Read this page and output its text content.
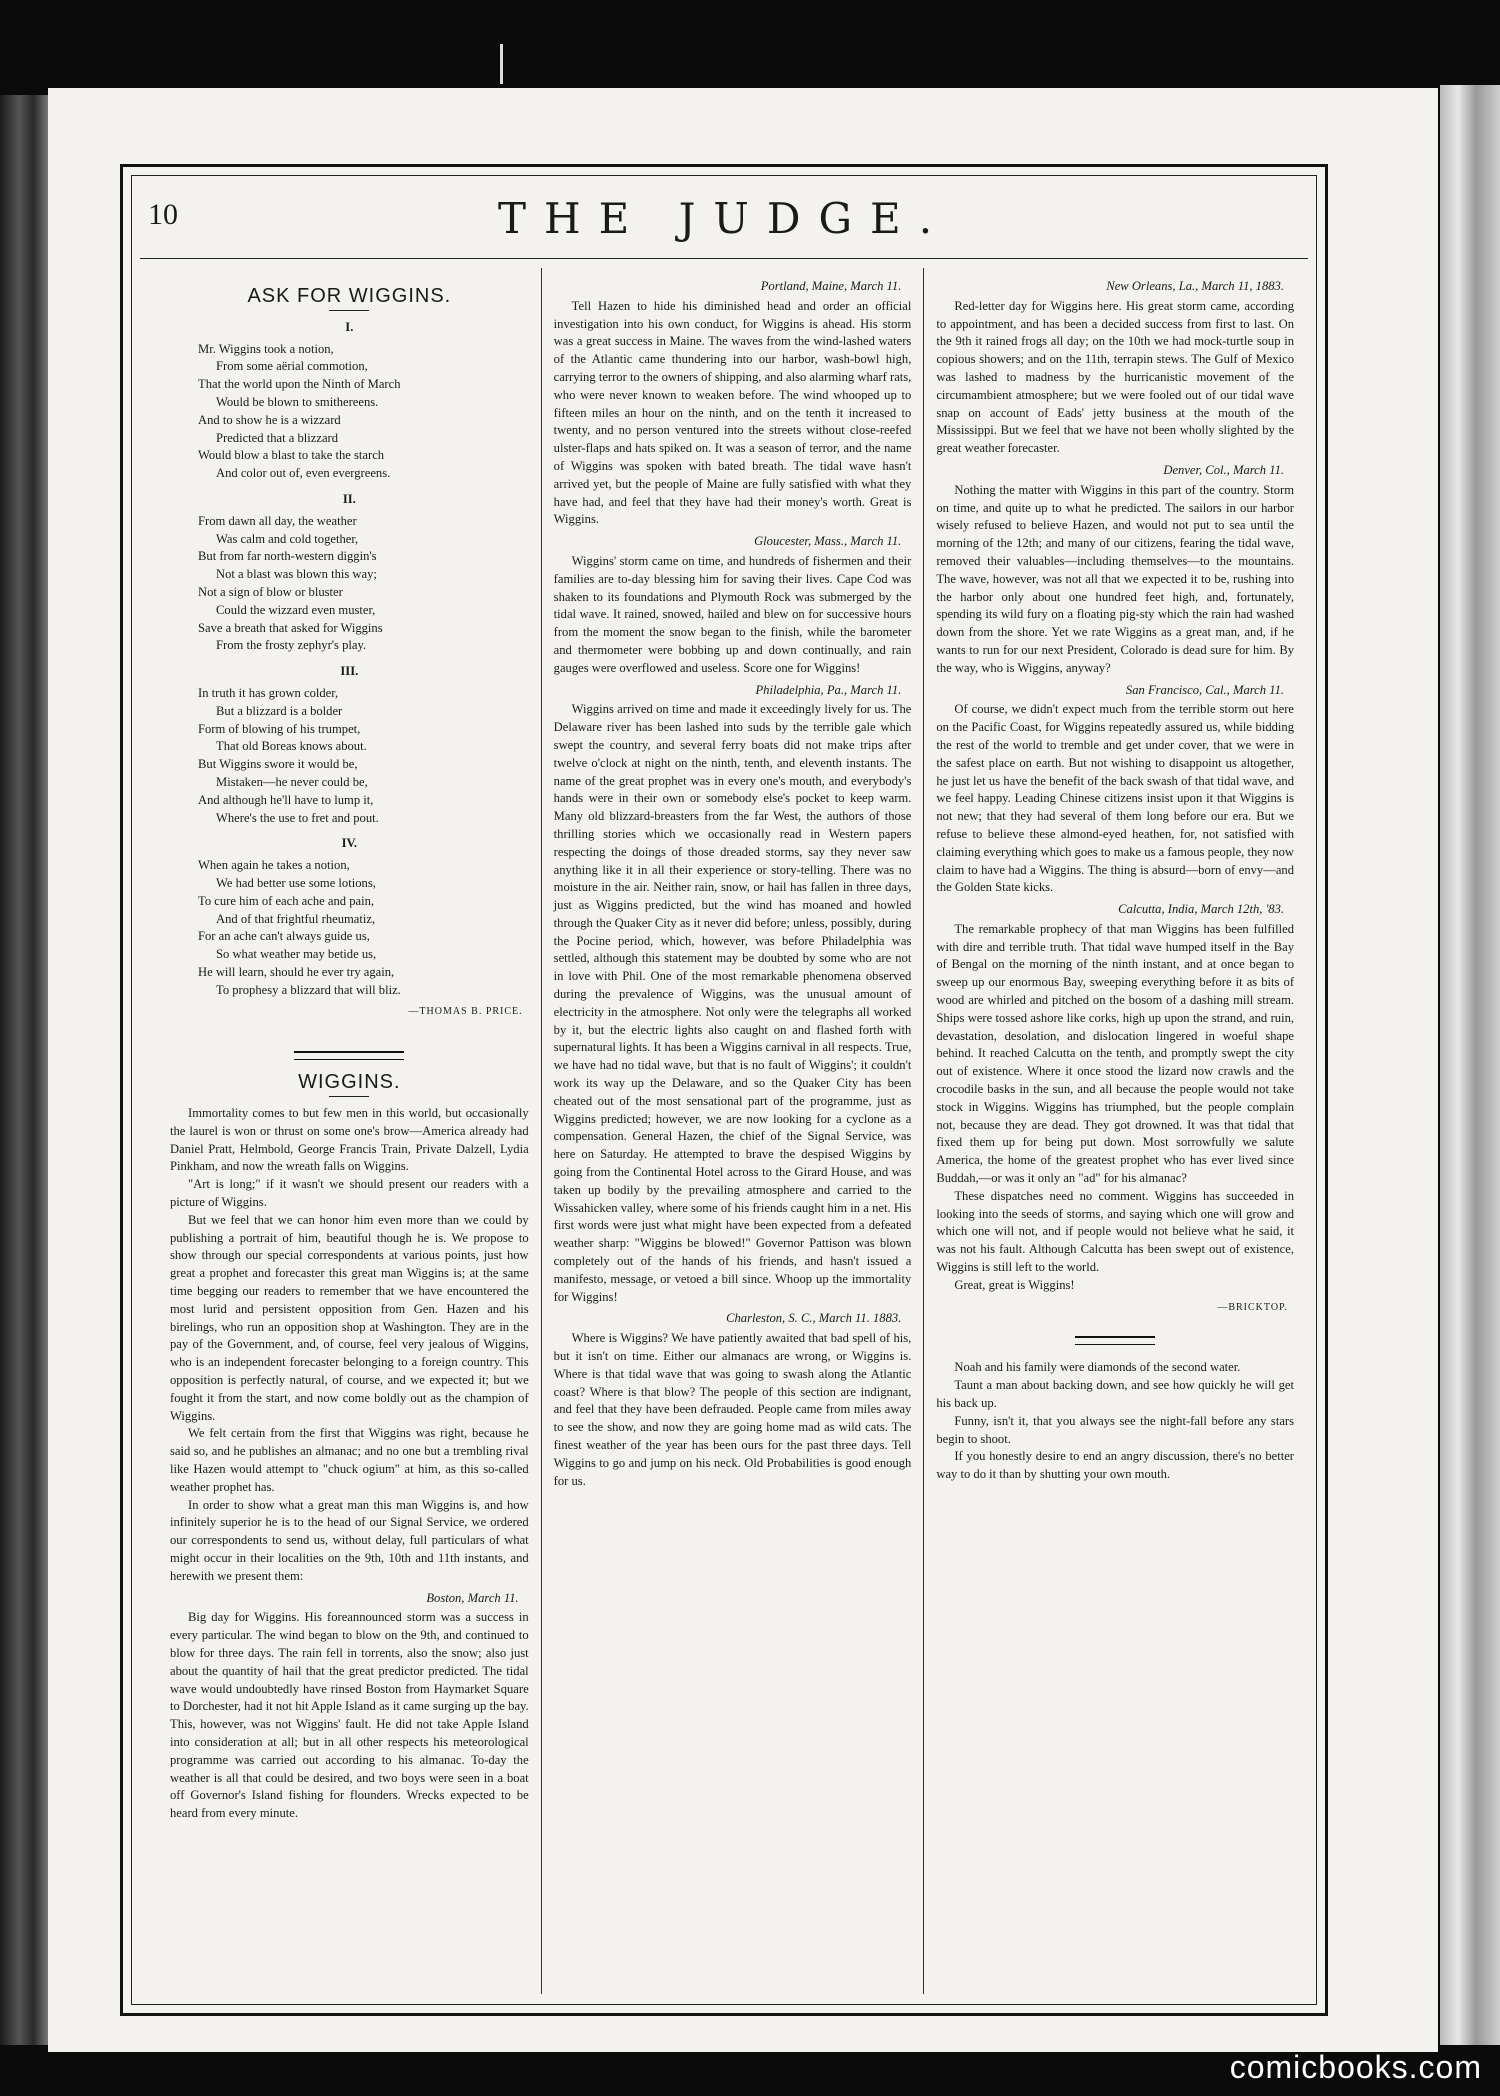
10	THE JUDGE.
ASK FOR WIGGINS.
I.
Mr. Wiggins took a notion,
From some aërial commotion,
That the world upon the Ninth of March
Would be blown to smithereens.
And to show he is a wizzard
Predicted that a blizzard
Would blow a blast to take the starch
And color out of, even evergreens.
II.
From dawn all day, the weather
Was calm and cold together,
But from far north-western diggin's
Not a blast was blown this way;
Not a sign of blow or bluster
Could the wizzard even muster,
Save a breath that asked for Wiggins
From the frosty zephyr's play.
III.
In truth it has grown colder,
But a blizzard is a bolder
Form of blowing of his trumpet,
That old Boreas knows about.
But Wiggins swore it would be,
Mistaken—he never could be,
And although he'll have to lump it,
Where's the use to fret and pout.
IV.
When again he takes a notion,
We had better use some lotions,
To cure him of each ache and pain,
And of that frightful rheumatiz,
For an ache can't always guide us,
So what weather may betide us,
He will learn, should he ever try again,
To prophesy a blizzard that will bliz.
—THOMAS B. PRICE.
WIGGINS.

Immortality comes to but few men in this world, but occasionally the laurel is won or thrust on some one's brow—America already had Daniel Pratt, Helmbold, George Francis Train, Private Dalzell, Lydia Pinkham, and now the wreath falls on Wiggins.

"Art is long;" if it wasn't we should present our readers with a picture of Wiggins.

But we feel that we can honor him even more than we could by publishing a portrait of him, beautiful though he is. We propose to show through our special correspondents at various points, just how great a prophet and forecaster this great man Wiggins is; at the same time begging our readers to remember that we have encountered the most lurid and persistent opposition from Gen. Hazen and his birelings, who run an opposition shop at Washington. They are in the pay of the Government, and, of course, feel very jealous of Wiggins, who is an independent forecaster belonging to a foreign country. This opposition is perfectly natural, of course, and we expected it; but we fought it from the start, and now come boldly out as the champion of Wiggins.

We felt certain from the first that Wiggins was right, because he said so, and he publishes an almanac; and no one but a trembling rival like Hazen would attempt to "chuck ogium" at him, as this so-called weather prophet has.

In order to show what a great man this man Wiggins is, and how infinitely superior he is to the head of our Signal Service, we ordered our correspondents to send us, without delay, full particulars of what might occur in their localities on the 9th, 10th and 11th instants, and herewith we present them:

Boston, March 11.

Big day for Wiggins. His foreannounced storm was a success in every particular. The wind began to blow on the 9th, and continued to blow for three days. The rain fell in torrents, also the snow; also just about the quantity of hail that the great predictor predicted. The tidal wave would undoubtedly have rinsed Boston from Haymarket Square to Dorchester, had it not hit Apple Island as it came surging up the bay. This, however, was not Wiggins' fault. He did not take Apple Island into consideration at all; but in all other respects his meteorological programme was carried out according to his almanac. To-day the weather is all that could be desired, and two boys were seen in a boat off Governor's Island fishing for flounders. Wrecks expected to be heard from every minute.

Portland, Maine, March 11.

Tell Hazen to hide his diminished head and order an official investigation into his own conduct, for Wiggins is ahead. His storm was a great success in Maine. The waves from the wind-lashed waters of the Atlantic came thundering into our harbor, wash-bowl high, carrying terror to the owners of shipping, and also alarming wharf rats, who were never known to weaken before. The wind whooped up to fifteen miles an hour on the ninth, and on the tenth it increased to twenty, and no person ventured into the streets without close-reefed ulster-flaps and hats spiked on. It was a season of terror, and the name of Wiggins was spoken with bated breath. The tidal wave hasn't arrived yet, but the people of Maine are fully satisfied with what they have had, and feel that they have had their money's worth. Great is Wiggins.

Gloucester, Mass., March 11.

Wiggins' storm came on time, and hundreds of fishermen and their families are to-day blessing him for saving their lives. Cape Cod was shaken to its foundations and Plymouth Rock was submerged by the tidal wave. It rained, snowed, hailed and blew on for successive hours from the moment the snow began to the finish, while the barometer and thermometer were bobbing up and down continually, and rain gauges were overflowed and useless. Score one for Wiggins!

Philadelphia, Pa., March 11.

Wiggins arrived on time and made it exceedingly lively for us. The Delaware river has been lashed into suds by the terrible gale which swept the country, and several ferry boats did not make trips after twelve o'clock at night on the ninth, tenth, and eleventh instants. The name of the great prophet was in every one's mouth, and everybody's hands were in their own or somebody else's pocket to keep warm. Many old blizzard-breasters from the far West, the authors of those thrilling stories which we occasionally read in Western papers respecting the doings of those dreaded storms, say they never saw anything like it in all their experience or story-telling. There was no moisture in the air. Neither rain, snow, or hail has fallen in three days, just as Wiggins predicted, but the wind has moaned and howled through the Quaker City as it never did before; unless, possibly, during the Pocine period, which, however, was before Philadelphia was settled, although this statement may be doubted by some who are not in love with Phil. One of the most remarkable phenomena observed during the prevalence of Wiggins, was the unusual amount of electricity in the atmosphere. Not only were the telegraphs all worked by it, but the electric lights also caught on and flashed forth with supernatural lights. It has been a Wiggins carnival in all respects. True, we have had no tidal wave, but that is no fault of Wiggins'; it couldn't work its way up the Delaware, and so the Quaker City has been cheated out of the most sensational part of the programme, just as Wiggins predicted; however, we are now looking for a cyclone as a compensation. General Hazen, the chief of the Signal Service, was here on Saturday. He attempted to brave the despised Wiggins by going from the Continental Hotel across to the Girard House, and was taken up bodily by the prevailing atmosphere and carried to the Wissahicken valley, where some of his friends caught him in a net. His first words were just what might have been expected from a defeated weather sharp: "Wiggins be blowed!" Governor Pattison was blown completely out of the hands of his friends, and hasn't issued a manifesto, message, or vetoed a bill since. Whoop up the immortality for Wiggins!

Charleston, S. C., March 11. 1883.

Where is Wiggins? We have patiently awaited that bad spell of his, but it isn't on time. Either our almanacs are wrong, or Wiggins is. Where is that tidal wave that was going to swash along the Atlantic coast? Where is that blow? The people of this section are indignant, and feel that they have been defrauded. People came from miles away to see the show, and now they are going home mad as wild cats. The finest weather of the year has been ours for the past three days. Tell Wiggins to go and jump on his neck. Old Probabilities is good enough for us.

New Orleans, La., March 11, 1883.

Red-letter day for Wiggins here. His great storm came, according to appointment, and has been a decided success from first to last. On the 9th it rained frogs all day; on the 10th we had mock-turtle soup in copious showers; and on the 11th, terrapin stews. The Gulf of Mexico was lashed to madness by the hurricanistic movement of the circumambient atmosphere; but we were fooled out of our tidal wave snap on account of Eads' jetty business at the mouth of the Mississippi. But we feel that we have not been wholly slighted by the great weather forecaster.

Denver, Col., March 11.

Nothing the matter with Wiggins in this part of the country. Storm on time, and quite up to what he predicted. The sailors in our harbor wisely refused to believe Hazen, and would not put to sea until the morning of the 12th; and many of our citizens, fearing the tidal wave, removed their valuables—including themselves—to the mountains. The wave, however, was not all that we expected it to be, rushing into the harbor only about one hundred feet high, and, fortunately, spending its wild fury on a floating pig-sty which the rain had washed down from the shore. Yet we rate Wiggins as a great man, and, if he wants to run for our next President, Colorado is dead sure for him. By the way, who is Wiggins, anyway?

San Francisco, Cal., March 11.

Of course, we didn't expect much from the terrible storm out here on the Pacific Coast, for Wiggins repeatedly assured us, while bidding the rest of the world to tremble and get under cover, that we were in the safest place on earth. But not wishing to disappoint us altogether, he just let us have the benefit of the back swash of that tidal wave, and we feel happy. Leading Chinese citizens insist upon it that Wiggins is not new; that they had several of them long before our era. But we refuse to believe these almond-eyed heathen, for, not satisfied with claiming everything which goes to make us a famous people, they now claim to have had a Wiggins. The thing is absurd—born of envy—and the Golden State kicks.

Calcutta, India, March 12th, '83.

The remarkable prophecy of that man Wiggins has been fulfilled with dire and terrible truth. That tidal wave humped itself in the Bay of Bengal on the morning of the ninth instant, and at once began to sweep up our enormous Bay, sweeping everything before it as bits of wood are whirled and pitched on the bosom of a dashing mill stream. Ships were tossed ashore like corks, high up upon the strand, and ruin, devastation, desolation, and dislocation lingered in woeful shape behind. It reached Calcutta on the tenth, and promptly swept the city out of existence. Where it once stood the lizard now crawls and the crocodile basks in the sun, and all because the people would not take stock in Wiggins. Wiggins has triumphed, but the people complain not, because they are dead. They got drowned. It was that tidal that fixed them up for being put down. Most sorrowfully we salute America, the home of the greatest prophet who has ever lived since Buddah,—or was it only an "ad" for his almanac?

These dispatches need no comment. Wiggins has succeeded in looking into the seeds of storms, and saying which one will grow and which one will not, and if people would not believe what he said, it was not his fault. Although Calcutta has been swept out of existence, Wiggins is still left to the world.

Great, great is Wiggins!

—BRICKTOP.

Noah and his family were diamonds of the second water.

Taunt a man about backing down, and see how quickly he will get his back up.

Funny, isn't it, that you always see the night-fall before any stars begin to shoot.

If you honestly desire to end an angry discussion, there's no better way to do it than by shutting your own mouth.

comicbooks.com
